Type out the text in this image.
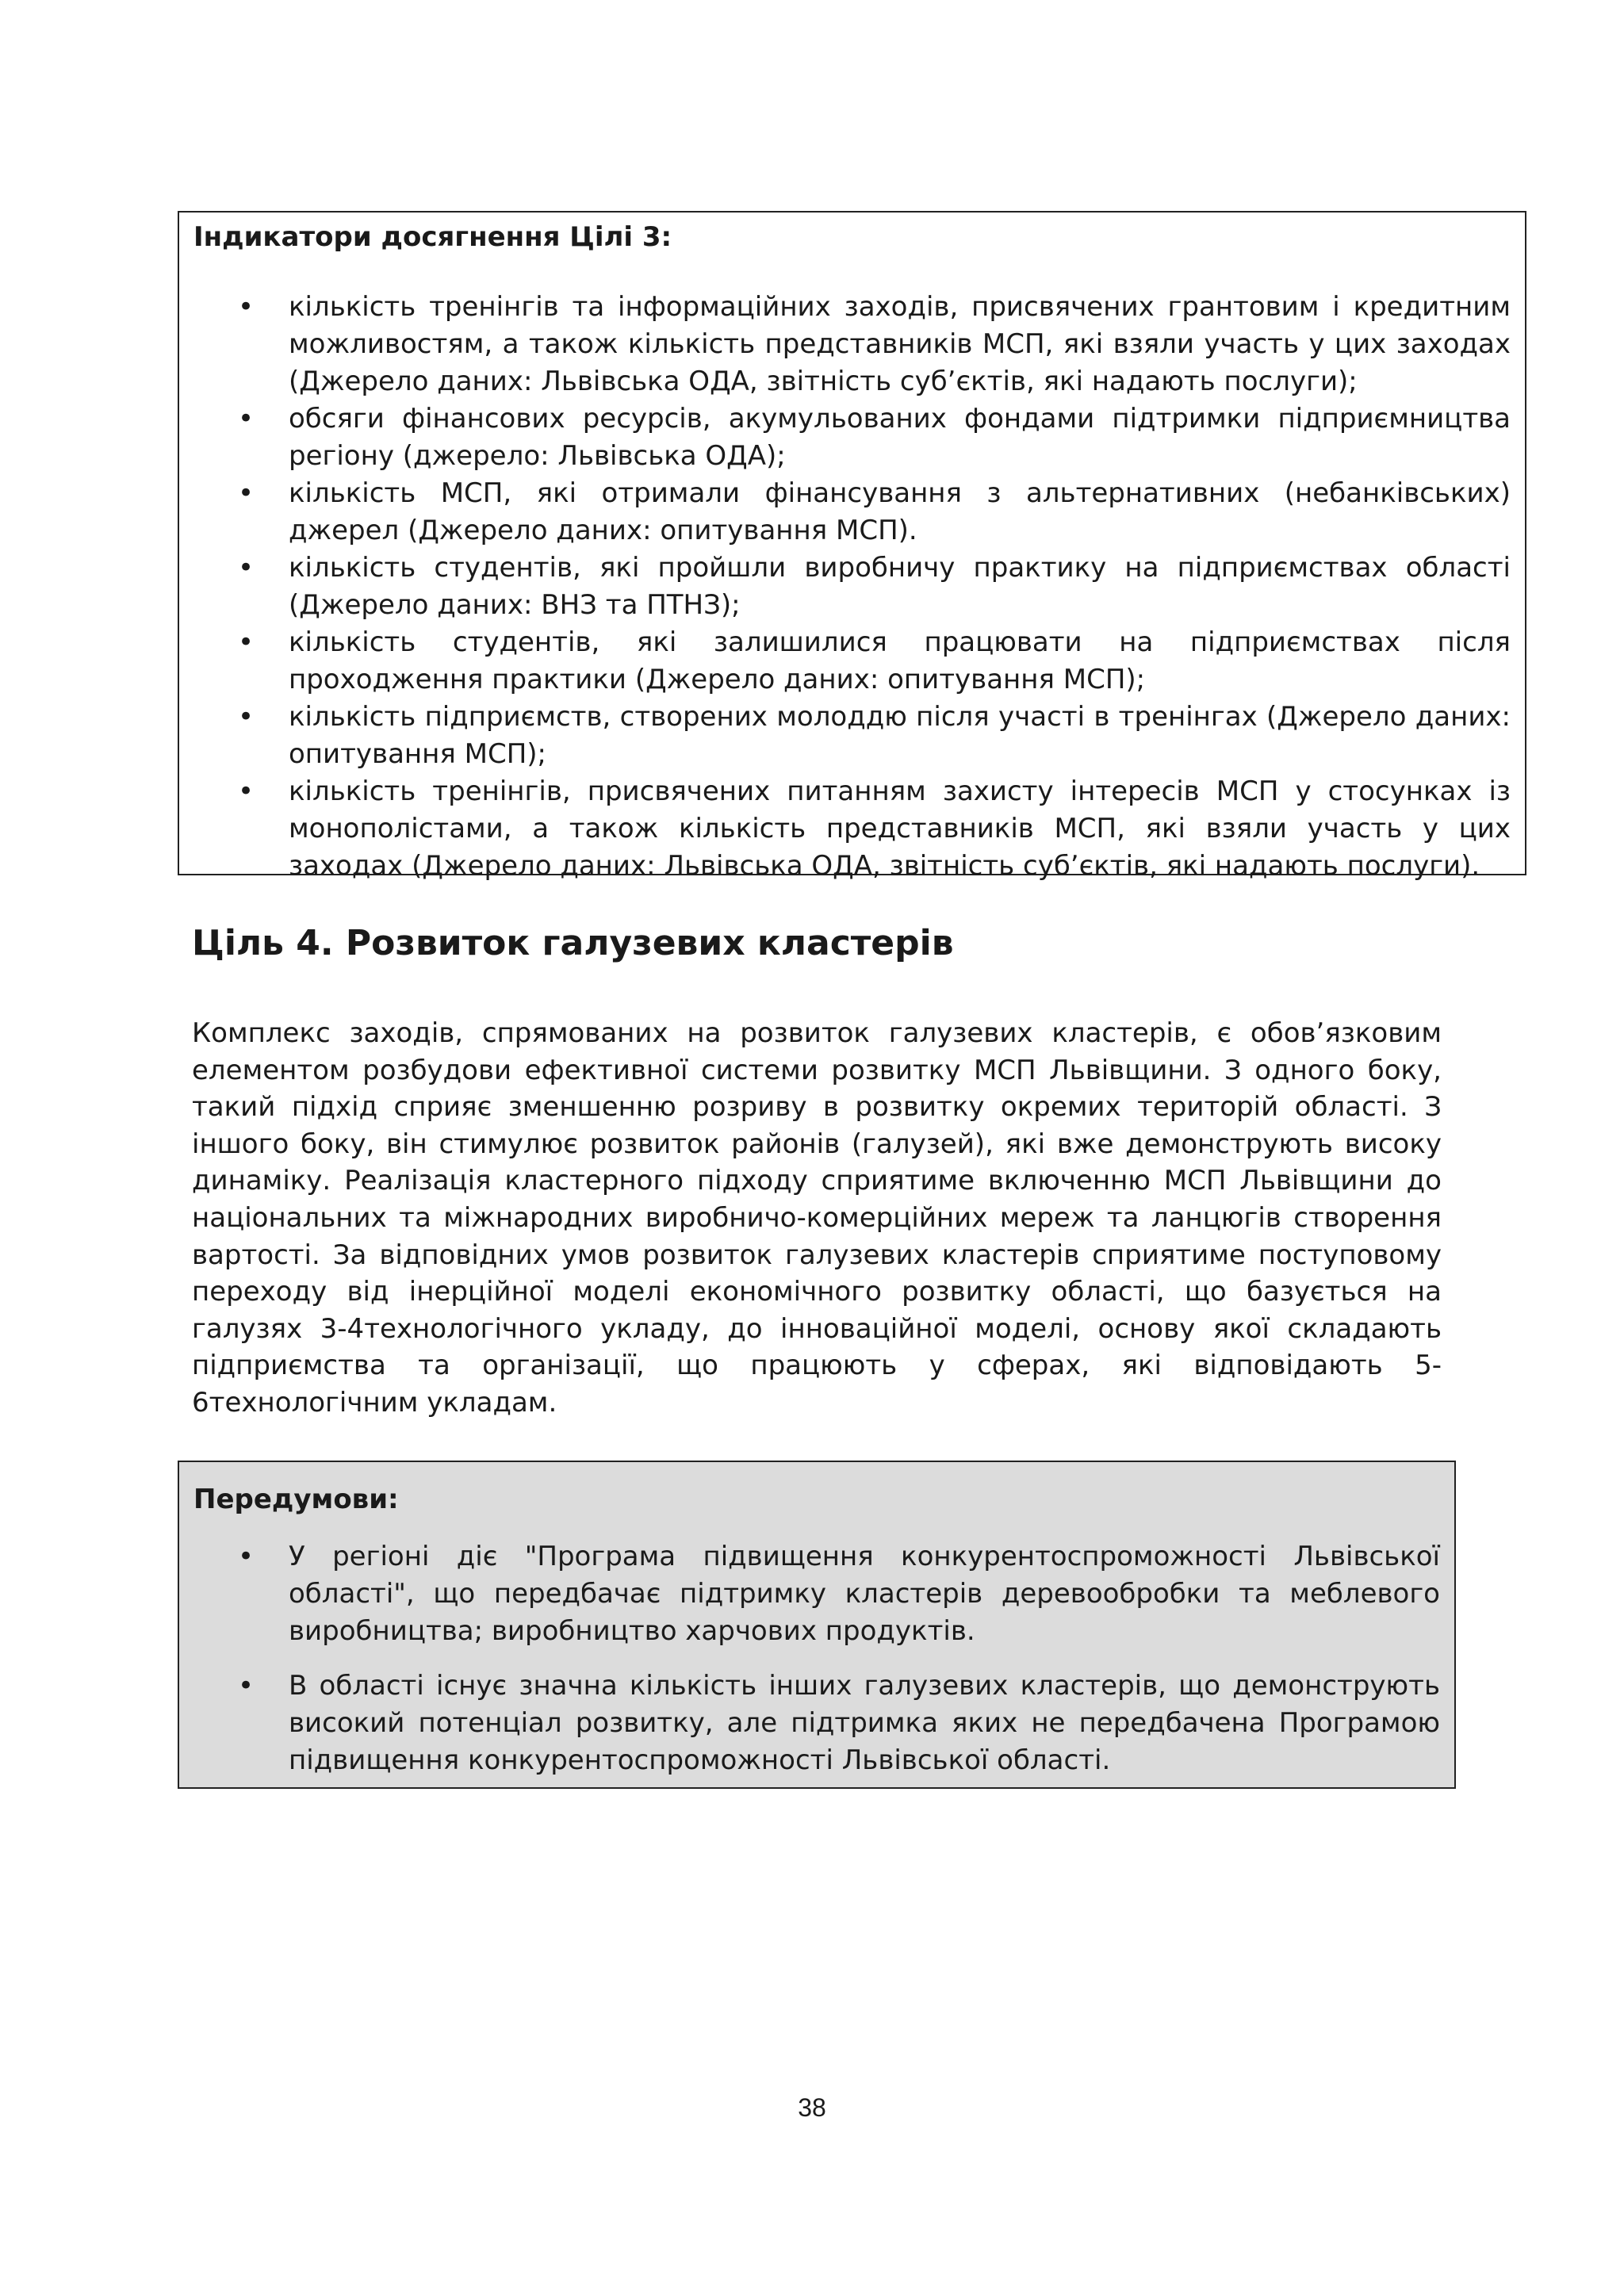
Індикатори досягнення Цілі 3:

• кількість тренінгів та інформаційних заходів, присвячених грантовим і кредитним можливостям, а також кількість представників МСП, які взяли участь у цих заходах (Джерело даних: Львівська ОДА, звітність суб’єктів, які надають послуги);
• обсяги фінансових ресурсів, акумульованих фондами підтримки підприємництва регіону (джерело: Львівська ОДА);
• кількість МСП, які отримали фінансування з альтернативних (небанківських) джерел (Джерело даних: опитування МСП).
• кількість студентів, які пройшли виробничу практику на підприємствах області (Джерело даних: ВНЗ та ПТНЗ);
• кількість студентів, які залишилися працювати на підприємствах після проходження практики (Джерело даних: опитування МСП);
• кількість підприємств, створених молоддю після участі в тренінгах (Джерело даних: опитування МСП);
• кількість тренінгів, присвячених питанням захисту інтересів МСП у стосунках із монополістами, а також кількість представників МСП, які взяли участь у цих заходах (Джерело даних: Львівська ОДА, звітність суб’єктів, які надають послуги).
Ціль 4. Розвиток галузевих кластерів

Комплекс заходів, спрямованих на розвиток галузевих кластерів, є обов’язковим елементом розбудови ефективної системи розвитку МСП Львівщини. З одного боку, такий підхід сприяє зменшенню розриву в розвитку окремих територій області. З іншого боку, він стимулює розвиток районів (галузей), які вже демонструють високу динаміку. Реалізація кластерного підходу сприятиме включенню МСП Львівщини до національних та міжнародних виробничо-комерційних мереж та ланцюгів створення вартості. За відповідних умов розвиток галузевих кластерів сприятиме поступовому переходу від інерційної моделі економічного розвитку області, що базується на галузях 3-4технологічного укладу, до інноваційної моделі, основу якої складають підприємства та організації, що працюють у сферах, які відповідають 5-6технологічним укладам.

Передумови:

• У регіоні діє "Програма підвищення конкурентоспроможності Львівської області", що передбачає підтримку кластерів деревообробки та меблевого виробництва; виробництво харчових продуктів.
• В області існує значна кількість інших галузевих кластерів, що демонструють високий потенціал розвитку, але підтримка яких не передбачена Програмою підвищення конкурентоспроможності Львівської області.
38
